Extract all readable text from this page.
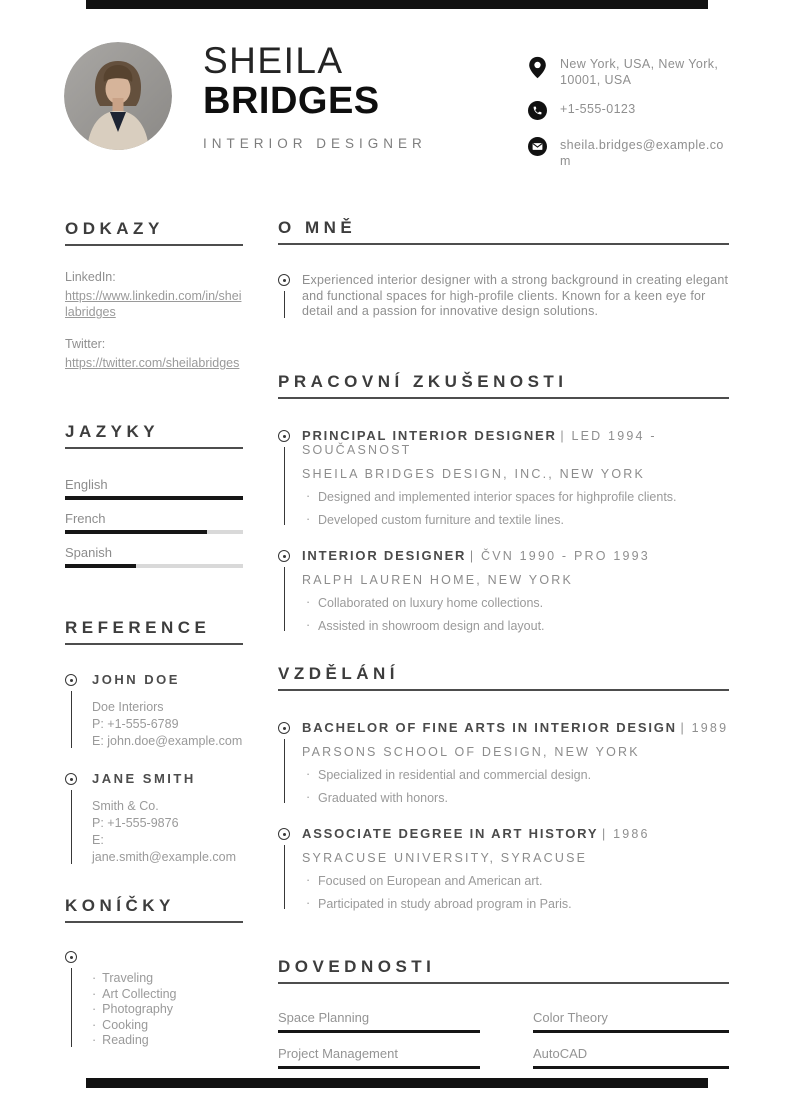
SHEILA
BRIDGES
INTERIOR DESIGNER
New York, USA, New York, 10001, USA
+1-555-0123
sheila.bridges@example.com
ODKAZY
LinkedIn:
https://www.linkedin.com/in/sheilabridges
Twitter:
https://twitter.com/sheilabridges
JAZYKY
English
French
Spanish
REFERENCE
JOHN DOE
Doe Interiors
P: +1-555-6789
E: john.doe@example.com
JANE SMITH
Smith & Co.
P: +1-555-9876
E: jane.smith@example.com
KONÍČKY
· Traveling
· Art Collecting
· Photography
· Cooking
· Reading
O MNĚ
Experienced interior designer with a strong background in creating elegant and functional spaces for high-profile clients. Known for a keen eye for detail and a passion for innovative design solutions.
PRACOVNÍ ZKUŠENOSTI
PRINCIPAL INTERIOR DESIGNER | LED 1994 - SOUČASNOST
SHEILA BRIDGES DESIGN, INC., NEW YORK
· Designed and implemented interior spaces for highprofile clients.
· Developed custom furniture and textile lines.
INTERIOR DESIGNER | ČVN 1990 - PRO 1993
RALPH LAUREN HOME, NEW YORK
· Collaborated on luxury home collections.
· Assisted in showroom design and layout.
VZDĚLÁNÍ
BACHELOR OF FINE ARTS IN INTERIOR DESIGN | 1989
PARSONS SCHOOL OF DESIGN, NEW YORK
· Specialized in residential and commercial design.
· Graduated with honors.
ASSOCIATE DEGREE IN ART HISTORY | 1986
SYRACUSE UNIVERSITY, SYRACUSE
· Focused on European and American art.
· Participated in study abroad program in Paris.
DOVEDNOSTI
Space Planning	Color Theory
Project Management	AutoCAD
